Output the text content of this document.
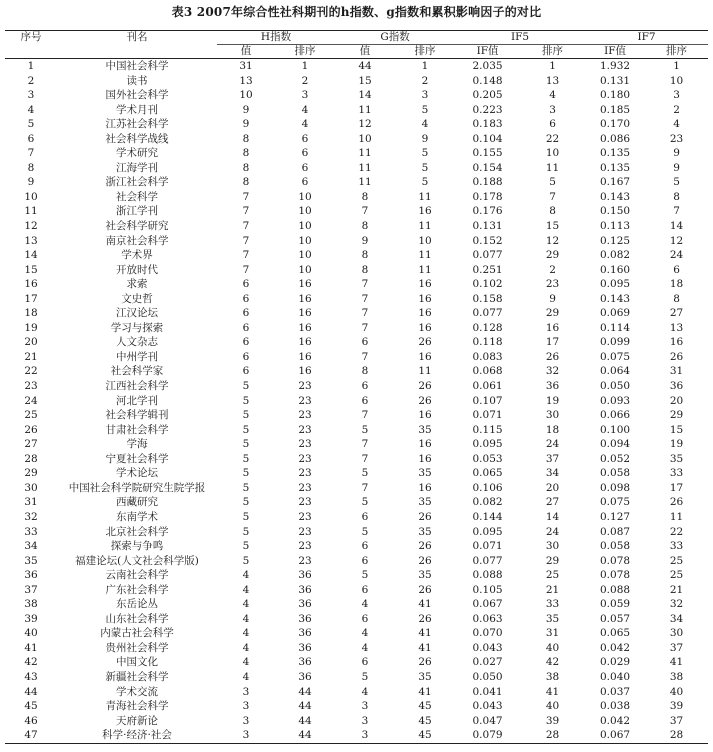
表3 2007年综合性社科期刊的h指数、g指数和累积影响因子的对比
序号	刊名	H指数		G指数		IF5		IF7	
		值	排序	值	排序	IF值	排序	IF值	排序
1	中国社会科学	31	1	44	1	2.035	1	1.932	1
2	读书	13	2	15	2	0.148	13	0.131	10
3	国外社会科学	10	3	14	3	0.205	4	0.180	3
4	学术月刊	9	4	11	5	0.223	3	0.185	2
5	江苏社会科学	9	4	12	4	0.183	6	0.170	4
6	社会科学战线	8	6	10	9	0.104	22	0.086	23
7	学术研究	8	6	11	5	0.155	10	0.135	9
8	江海学刊	8	6	11	5	0.154	11	0.135	9
9	浙江社会科学	8	6	11	5	0.188	5	0.167	5
10	社会科学	7	10	8	11	0.178	7	0.143	8
11	浙江学刊	7	10	7	16	0.176	8	0.150	7
12	社会科学研究	7	10	8	11	0.131	15	0.113	14
13	南京社会科学	7	10	9	10	0.152	12	0.125	12
14	学术界	7	10	8	11	0.077	29	0.082	24
15	开放时代	7	10	8	11	0.251	2	0.160	6
16	求索	6	16	7	16	0.102	23	0.095	18
17	文史哲	6	16	7	16	0.158	9	0.143	8
18	江汉论坛	6	16	7	16	0.077	29	0.069	27
19	学习与探索	6	16	7	16	0.128	16	0.114	13
20	人文杂志	6	16	6	26	0.118	17	0.099	16
21	中州学刊	6	16	7	16	0.083	26	0.075	26
22	社会科学家	6	16	8	11	0.068	32	0.064	31
23	江西社会科学	5	23	6	26	0.061	36	0.050	36
24	河北学刊	5	23	6	26	0.107	19	0.093	20
25	社会科学辑刊	5	23	7	16	0.071	30	0.066	29
26	甘肃社会科学	5	23	5	35	0.115	18	0.100	15
27	学海	5	23	7	16	0.095	24	0.094	19
28	宁夏社会科学	5	23	7	16	0.053	37	0.052	35
29	学术论坛	5	23	5	35	0.065	34	0.058	33
30	中国社会科学院研究生院学报	5	23	7	16	0.106	20	0.098	17
31	西藏研究	5	23	5	35	0.082	27	0.075	26
32	东南学术	5	23	6	26	0.144	14	0.127	11
33	北京社会科学	5	23	5	35	0.095	24	0.087	22
34	探索与争鸣	5	23	6	26	0.071	30	0.058	33
35	福建论坛(人文社会科学版)	5	23	6	26	0.077	29	0.078	25
36	云南社会科学	4	36	5	35	0.088	25	0.078	25
37	广东社会科学	4	36	6	26	0.105	21	0.088	21
38	东岳论丛	4	36	4	41	0.067	33	0.059	32
39	山东社会科学	4	36	6	26	0.063	35	0.057	34
40	内蒙古社会科学	4	36	4	41	0.070	31	0.065	30
41	贵州社会科学	4	36	4	41	0.043	40	0.042	37
42	中国文化	4	36	6	26	0.027	42	0.029	41
43	新疆社会科学	4	36	5	35	0.050	38	0.040	38
44	学术交流	3	44	4	41	0.041	41	0.037	40
45	青海社会科学	3	44	3	45	0.043	40	0.038	39
46	天府新论	3	44	3	45	0.047	39	0.042	37
47	科学·经济·社会	3	44	3	45	0.079	28	0.067	28
